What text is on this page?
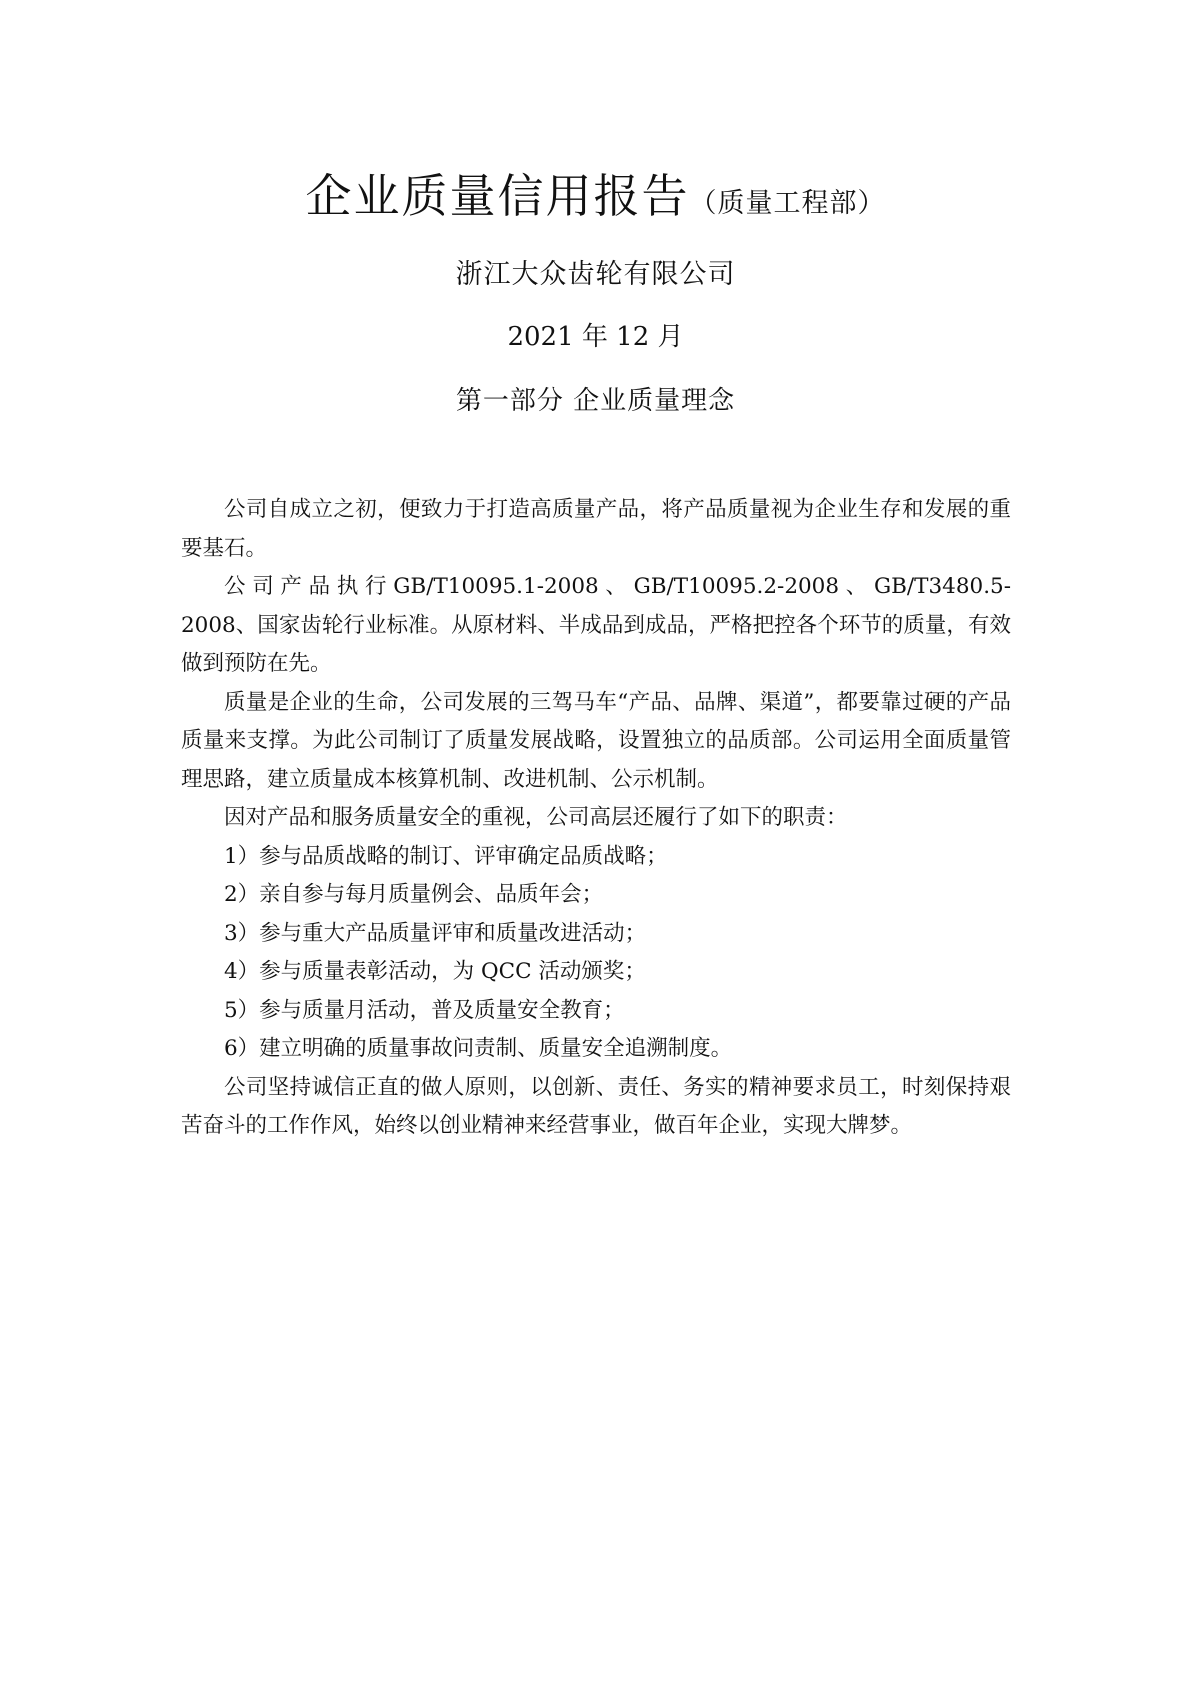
企业质量信用报告（质量工程部）
浙江大众齿轮有限公司
2021 年 12 月
第一部分 企业质量理念

公司自成立之初，便致力于打造高质量产品，将产品质量视为企业生存和发展的重要基石。

公司产品执行GB/T10095.1-2008、GB/T10095.2-2008、GB/T3480.5-2008、国家齿轮行业标准。从原材料、半成品到成品，严格把控各个环节的质量，有效做到预防在先。

质量是企业的生命，公司发展的三驾马车“产品、品牌、渠道”，都要靠过硬的产品质量来支撑。为此公司制订了质量发展战略，设置独立的品质部。公司运用全面质量管理思路，建立质量成本核算机制、改进机制、公示机制。

因对产品和服务质量安全的重视，公司高层还履行了如下的职责：

1）参与品质战略的制订、评审确定品质战略；

2）亲自参与每月质量例会、品质年会；

3）参与重大产品质量评审和质量改进活动；

4）参与质量表彰活动，为 QCC 活动颁奖；

5）参与质量月活动，普及质量安全教育；

6）建立明确的质量事故问责制、质量安全追溯制度。

公司坚持诚信正直的做人原则，以创新、责任、务实的精神要求员工，时刻保持艰苦奋斗的工作作风，始终以创业精神来经营事业，做百年企业，实现大牌梦。
